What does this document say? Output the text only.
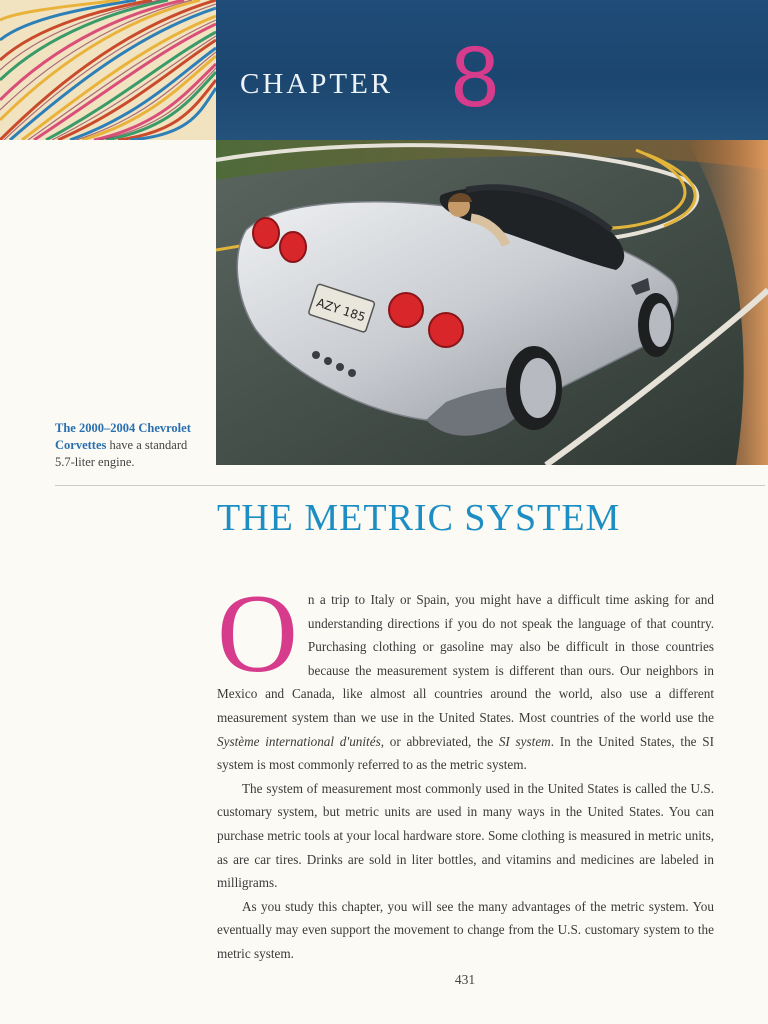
CHAPTER 8
AZY 185
The 2000–2004 Chevrolet Corvettes have a standard 5.7-liter engine.
THE METRIC SYSTEM

On a trip to Italy or Spain, you might have a difficult time asking for and understanding directions if you do not speak the language of that country. Purchasing clothing or gasoline may also be difficult in those countries because the measurement system is different than ours. Our neighbors in Mexico and Canada, like almost all countries around the world, also use a different measurement system than we use in the United States. Most countries of the world use the Système international d'unités, or abbreviated, the SI system. In the United States, the SI system is most commonly referred to as the metric system.

The system of measurement most commonly used in the United States is called the U.S. customary system, but metric units are used in many ways in the United States. You can purchase metric tools at your local hardware store. Some clothing is measured in metric units, as are car tires. Drinks are sold in liter bottles, and vitamins and medicines are labeled in milligrams.

As you study this chapter, you will see the many advantages of the metric system. You eventually may even support the movement to change from the U.S. customary system to the metric system.

431
